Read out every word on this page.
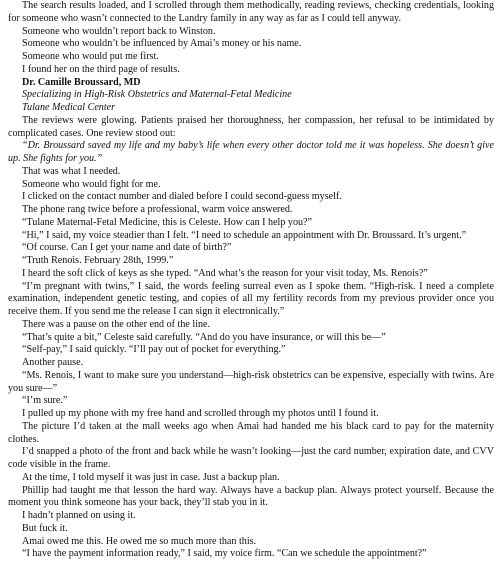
The search results loaded, and I scrolled through them methodically, reading reviews, checking credentials, looking for someone who wasn’t connected to the Landry family in any way as far as I could tell anyway.

Someone who wouldn’t report back to Winston.

Someone who wouldn’t be influenced by Amai’s money or his name.

Someone who would put me first.

I found her on the third page of results.

Dr. Camille Broussard, MD

Specializing in High-Risk Obstetrics and Maternal-Fetal Medicine

Tulane Medical Center

The reviews were glowing. Patients praised her thoroughness, her compassion, her refusal to be intimidated by complicated cases. One review stood out:

“Dr. Broussard saved my life and my baby’s life when every other doctor told me it was hopeless. She doesn’t give up. She fights for you.”

That was what I needed.

Someone who would fight for me.

I clicked on the contact number and dialed before I could second-guess myself.

The phone rang twice before a professional, warm voice answered.

“Tulane Maternal-Fetal Medicine, this is Celeste. How can I help you?”

“Hi,” I said, my voice steadier than I felt. “I need to schedule an appointment with Dr. Broussard. It’s urgent.”

“Of course. Can I get your name and date of birth?”

“Truth Renois. February 28th, 1999.”

I heard the soft click of keys as she typed. “And what’s the reason for your visit today, Ms. Renois?”

“I’m pregnant with twins,” I said, the words feeling surreal even as I spoke them. “High-risk. I need a complete examination, independent genetic testing, and copies of all my fertility records from my previous provider once you receive them. If you send me the release I can sign it electronically.”

There was a pause on the other end of the line.

“That’s quite a bit,” Celeste said carefully. “And do you have insurance, or will this be—”

“Self-pay,” I said quickly. “I’ll pay out of pocket for everything.”

Another pause.

“Ms. Renois, I want to make sure you understand—high-risk obstetrics can be expensive, especially with twins. Are you sure—”

“I’m sure.”

I pulled up my phone with my free hand and scrolled through my photos until I found it.

The picture I’d taken at the mall weeks ago when Amai had handed me his black card to pay for the maternity clothes.

I’d snapped a photo of the front and back while he wasn’t looking—just the card number, expiration date, and CVV code visible in the frame.

At the time, I told myself it was just in case. Just a backup plan.

Phillip had taught me that lesson the hard way. Always have a backup plan. Always protect yourself. Because the moment you think someone has your back, they’ll stab you in it.

I hadn’t planned on using it.

But fuck it.

Amai owed me this. He owed me so much more than this.

“I have the payment information ready,” I said, my voice firm. “Can we schedule the appointment?”
